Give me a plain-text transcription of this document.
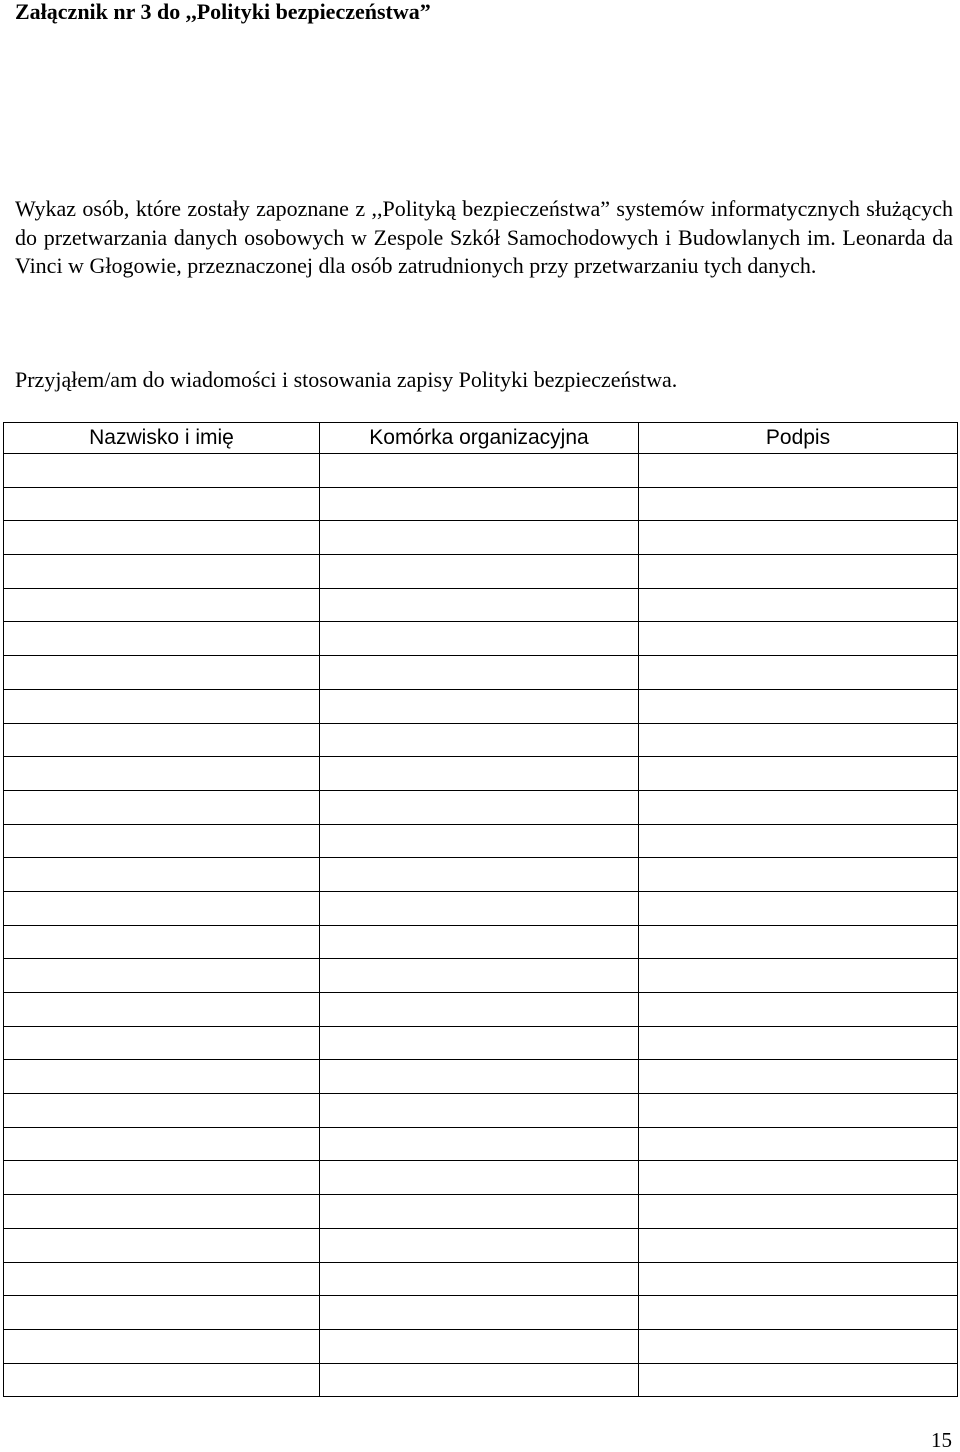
Załącznik nr 3 do ,,Polityki bezpieczeństwa”

Wykaz osób, które zostały zapoznane z ,,Polityką bezpieczeństwa” systemów informatycznych służących do przetwarzania danych osobowych w Zespole Szkół Samochodowych i Budowlanych im. Leonarda da Vinci w Głogowie, przeznaczonej dla osób zatrudnionych przy przetwarzaniu tych danych.

Przyjąłem/am do wiadomości i stosowania zapisy Polityki bezpieczeństwa.

Nazwisko i imię	Komórka organizacyjna	Podpis

15
